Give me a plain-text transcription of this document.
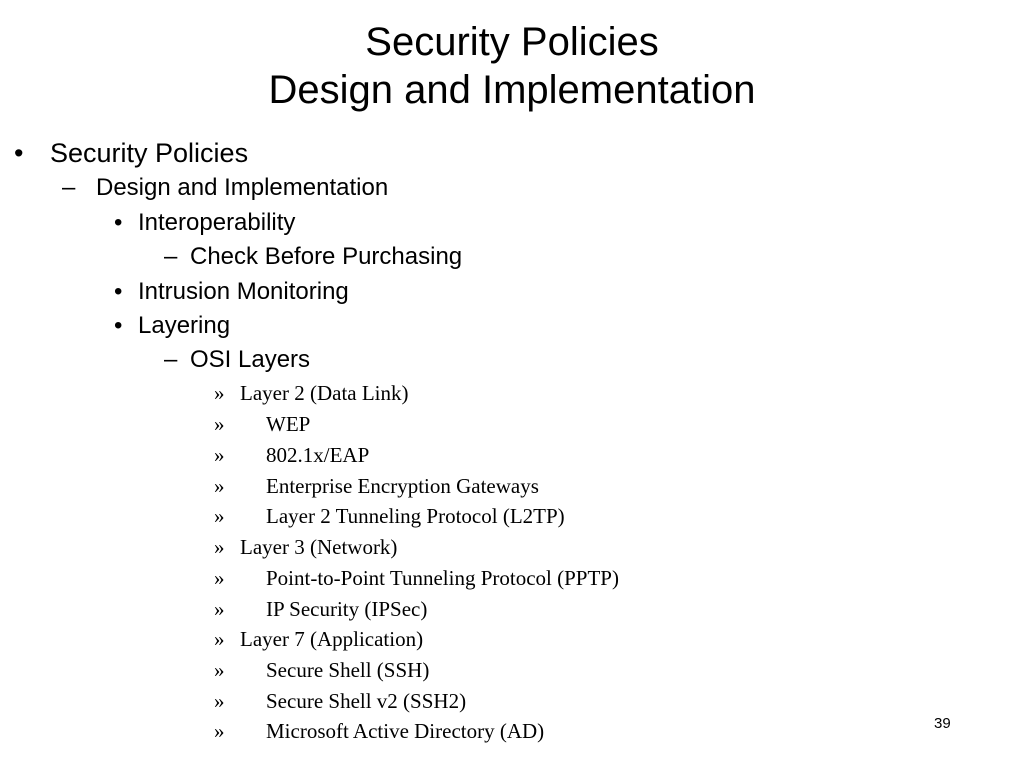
Security Policies
Design and Implementation
• Security Policies
– Design and Implementation
• Interoperability
– Check Before Purchasing
• Intrusion Monitoring
• Layering
– OSI Layers
» Layer 2 (Data Link)
» WEP
» 802.1x/EAP
» Enterprise Encryption Gateways
» Layer 2 Tunneling Protocol (L2TP)
» Layer 3 (Network)
» Point-to-Point Tunneling Protocol (PPTP)
» IP Security (IPSec)
» Layer 7 (Application)
» Secure Shell (SSH)
» Secure Shell v2 (SSH2)
» Microsoft Active Directory (AD)	39
